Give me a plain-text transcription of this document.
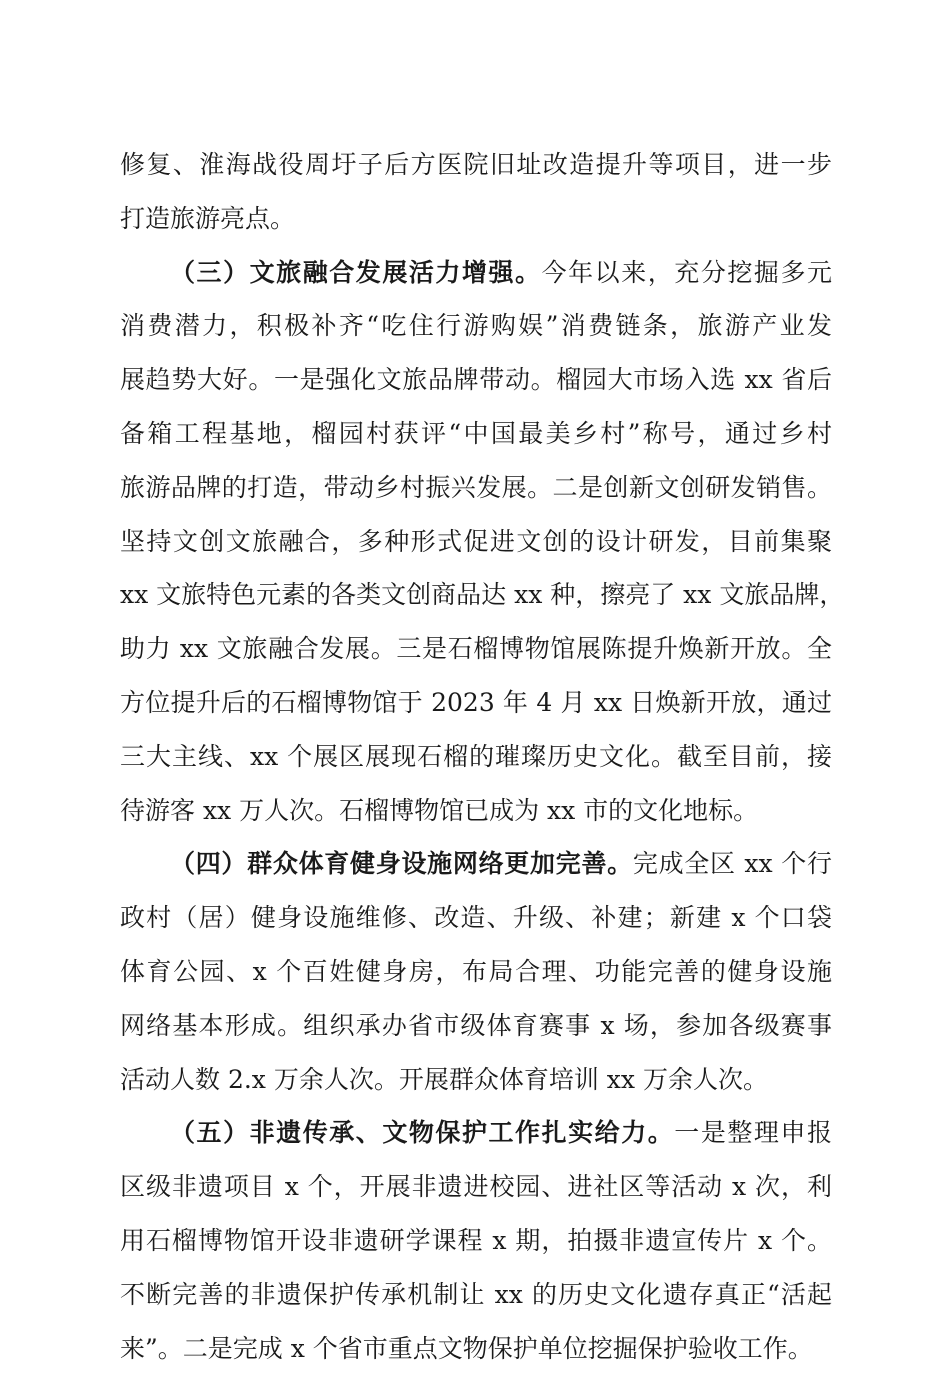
修复、淮海战役周圩子后方医院旧址改造提升等项目，进一步
打造旅游亮点。
（三）文旅融合发展活力增强。今年以来，充分挖掘多元
消费潜力，积极补齐“吃住行游购娱”消费链条，旅游产业发
展趋势大好。一是强化文旅品牌带动。榴园大市场入选 xx 省后
备箱工程基地，榴园村获评“中国最美乡村”称号，通过乡村
旅游品牌的打造，带动乡村振兴发展。二是创新文创研发销售。
坚持文创文旅融合，多种形式促进文创的设计研发，目前集聚
xx 文旅特色元素的各类文创商品达 xx 种，擦亮了 xx 文旅品牌，
助力 xx 文旅融合发展。三是石榴博物馆展陈提升焕新开放。全
方位提升后的石榴博物馆于 2023 年 4 月 xx 日焕新开放，通过
三大主线、xx 个展区展现石榴的璀璨历史文化。截至目前，接
待游客 xx 万人次。石榴博物馆已成为 xx 市的文化地标。
（四）群众体育健身设施网络更加完善。完成全区 xx 个行
政村（居）健身设施维修、改造、升级、补建；新建 x 个口袋
体育公园、x 个百姓健身房，布局合理、功能完善的健身设施
网络基本形成。组织承办省市级体育赛事 x 场，参加各级赛事
活动人数 2.x 万余人次。开展群众体育培训 xx 万余人次。
（五）非遗传承、文物保护工作扎实给力。一是整理申报
区级非遗项目 x 个，开展非遗进校园、进社区等活动 x 次，利
用石榴博物馆开设非遗研学课程 x 期，拍摄非遗宣传片 x 个。
不断完善的非遗保护传承机制让 xx 的历史文化遗存真正“活起
来”。二是完成 x 个省市重点文物保护单位挖掘保护验收工作。
